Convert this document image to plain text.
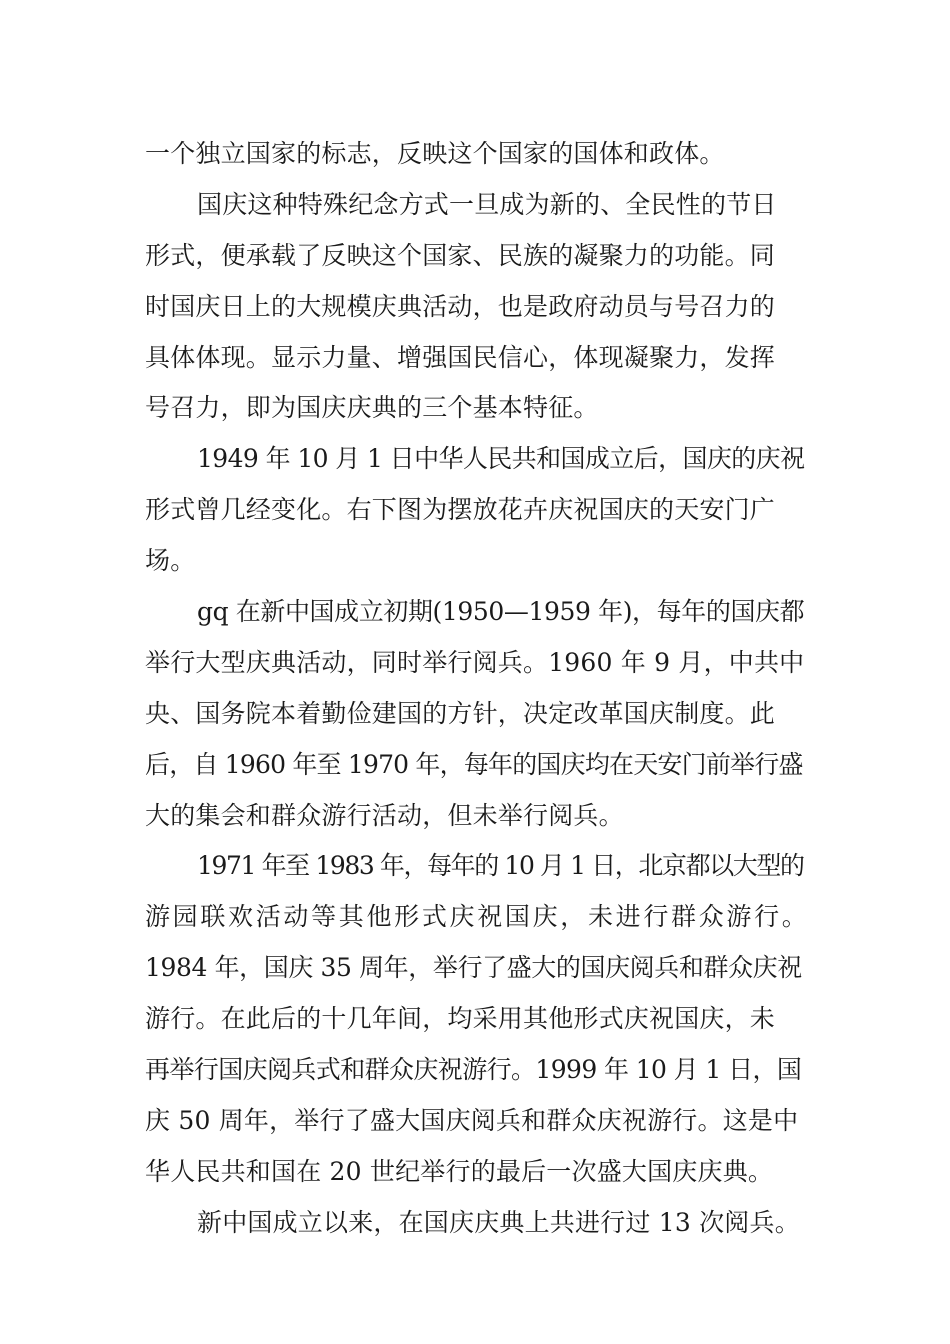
一个独立国家的标志，反映这个国家的国体和政体。
国庆这种特殊纪念方式一旦成为新的、全民性的节日
形式，便承载了反映这个国家、民族的凝聚力的功能。同
时国庆日上的大规模庆典活动，也是政府动员与号召力的
具体体现。显示力量、增强国民信心，体现凝聚力，发挥
号召力，即为国庆庆典的三个基本特征。
1949 年 10 月 1 日中华人民共和国成立后，国庆的庆祝
形式曾几经变化。右下图为摆放花卉庆祝国庆的天安门广
场。
gq 在新中国成立初期(1950—1959 年)，每年的国庆都
举行大型庆典活动，同时举行阅兵。1960 年 9 月，中共中
央、国务院本着勤俭建国的方针，决定改革国庆制度。此
后，自 1960 年至 1970 年，每年的国庆均在天安门前举行盛
大的集会和群众游行活动，但未举行阅兵。
1971 年至 1983 年，每年的 10 月 1 日，北京都以大型的
游园联欢活动等其他形式庆祝国庆，未进行群众游行。
1984 年，国庆 35 周年，举行了盛大的国庆阅兵和群众庆祝
游行。在此后的十几年间，均采用其他形式庆祝国庆，未
再举行国庆阅兵式和群众庆祝游行。1999 年 10 月 1 日，国
庆 50 周年，举行了盛大国庆阅兵和群众庆祝游行。这是中
华人民共和国在 20 世纪举行的最后一次盛大国庆庆典。
新中国成立以来，在国庆庆典上共进行过 13 次阅兵。
